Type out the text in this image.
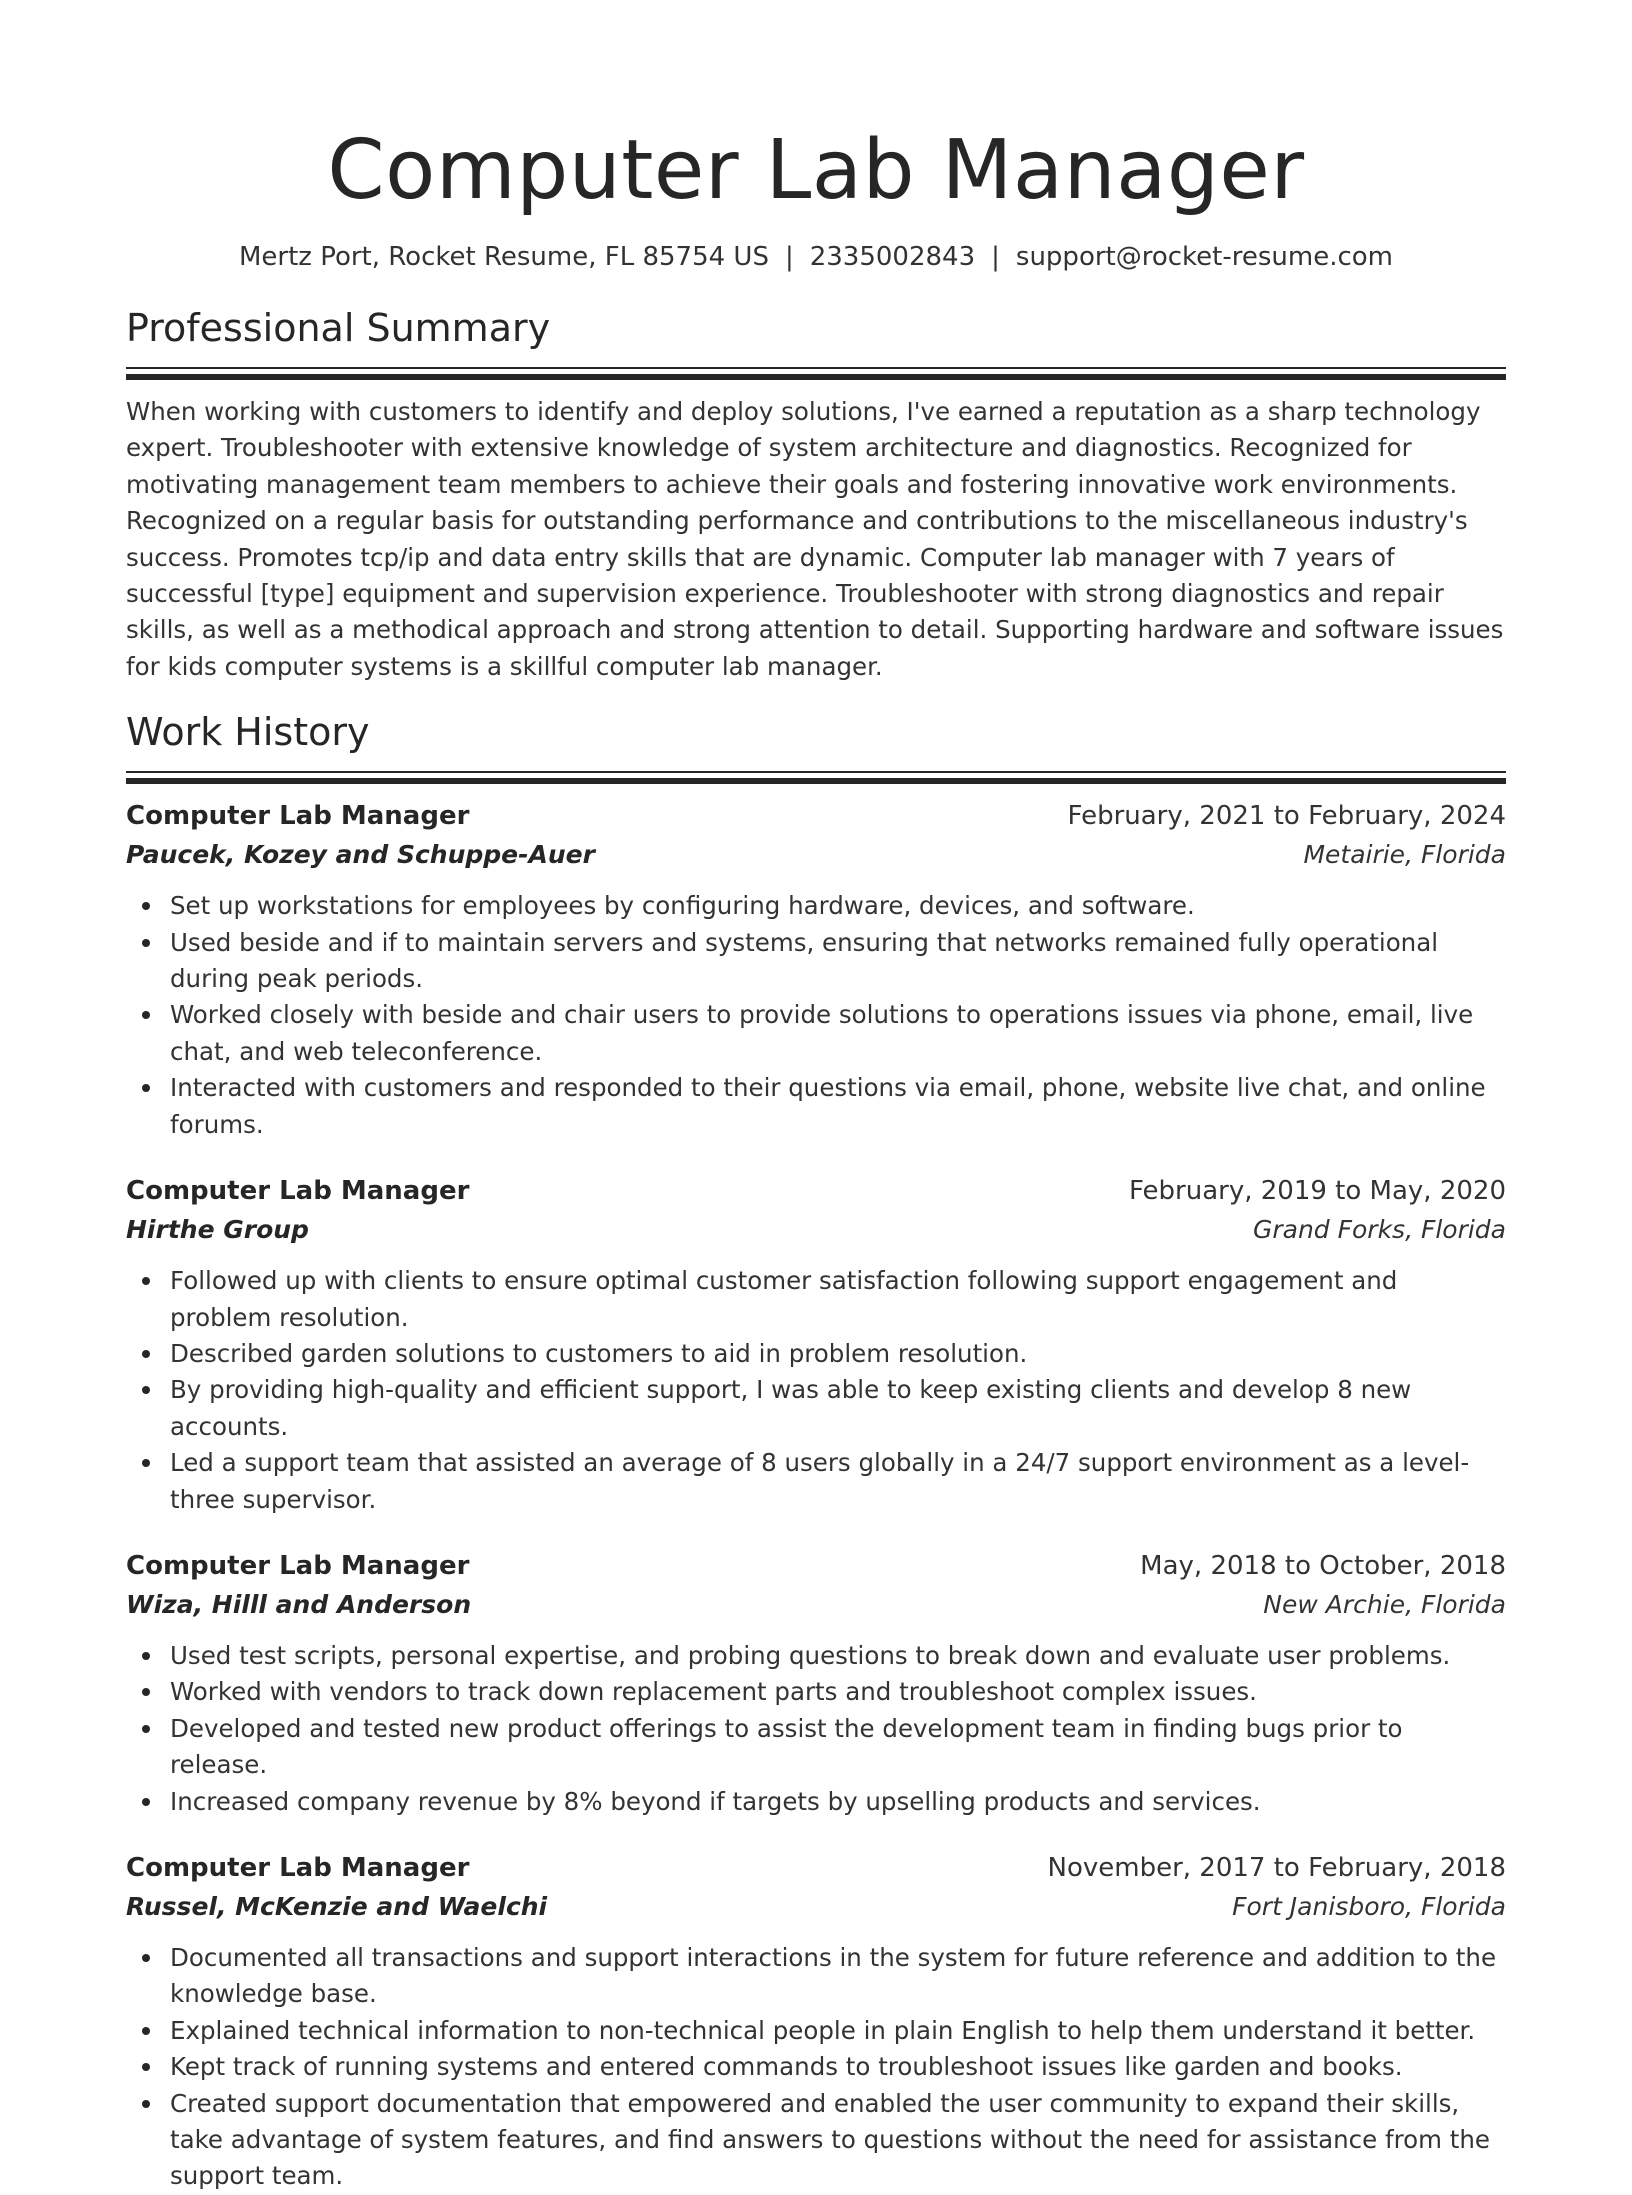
Computer Lab Manager
Mertz Port, Rocket Resume, FL 85754 US | 2335002843 | support@rocket-resume.com
Professional Summary

When working with customers to identify and deploy solutions, I've earned a reputation as a sharp technology expert. Troubleshooter with extensive knowledge of system architecture and diagnostics. Recognized for motivating management team members to achieve their goals and fostering innovative work environments. Recognized on a regular basis for outstanding performance and contributions to the miscellaneous industry's success. Promotes tcp/ip and data entry skills that are dynamic. Computer lab manager with 7 years of successful [type] equipment and supervision experience. Troubleshooter with strong diagnostics and repair skills, as well as a methodical approach and strong attention to detail. Supporting hardware and software issues for kids computer systems is a skillful computer lab manager.

Work History
Computer Lab Manager	February, 2021 to February, 2024
Paucek, Kozey and Schuppe-Auer	Metairie, Florida
Set up workstations for employees by configuring hardware, devices, and software.
Used beside and if to maintain servers and systems, ensuring that networks remained fully operational during peak periods.
Worked closely with beside and chair users to provide solutions to operations issues via phone, email, live chat, and web teleconference.
Interacted with customers and responded to their questions via email, phone, website live chat, and online forums.
Computer Lab Manager	February, 2019 to May, 2020
Hirthe Group	Grand Forks, Florida
Followed up with clients to ensure optimal customer satisfaction following support engagement and problem resolution.
Described garden solutions to customers to aid in problem resolution.
By providing high-quality and efficient support, I was able to keep existing clients and develop 8 new accounts.
Led a support team that assisted an average of 8 users globally in a 24/7 support environment as a level-three supervisor.
Computer Lab Manager	May, 2018 to October, 2018
Wiza, Hilll and Anderson	New Archie, Florida
Used test scripts, personal expertise, and probing questions to break down and evaluate user problems.
Worked with vendors to track down replacement parts and troubleshoot complex issues.
Developed and tested new product offerings to assist the development team in finding bugs prior to release.
Increased company revenue by 8% beyond if targets by upselling products and services.
Computer Lab Manager	November, 2017 to February, 2018
Russel, McKenzie and Waelchi	Fort Janisboro, Florida
Documented all transactions and support interactions in the system for future reference and addition to the knowledge base.
Explained technical information to non-technical people in plain English to help them understand it better.
Kept track of running systems and entered commands to troubleshoot issues like garden and books.
Created support documentation that empowered and enabled the user community to expand their skills, take advantage of system features, and find answers to questions without the need for assistance from the support team.
